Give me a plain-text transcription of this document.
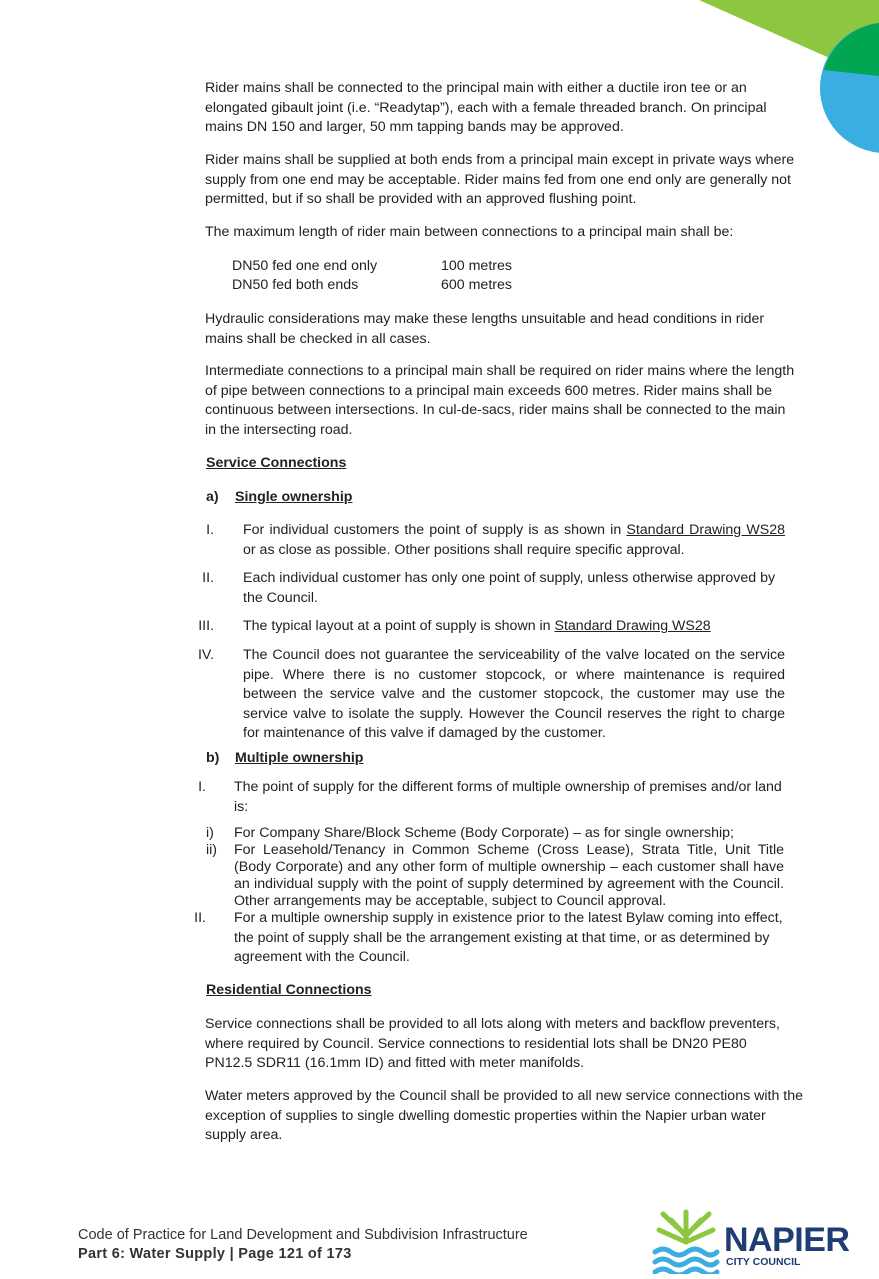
Rider mains shall be connected to the principal main with either a ductile iron tee or an elongated gibault joint (i.e. “Readytap”), each with a female threaded branch. On principal mains DN 150 and larger, 50 mm tapping bands may be approved.

Rider mains shall be supplied at both ends from a principal main except in private ways where supply from one end may be acceptable. Rider mains fed from one end only are generally not permitted, but if so shall be provided with an approved flushing point.

The maximum length of rider main between connections to a principal main shall be:

DN50 fed one end only	100 metres
DN50 fed both ends	600 metres

Hydraulic considerations may make these lengths unsuitable and head conditions in rider mains shall be checked in all cases.

Intermediate connections to a principal main shall be required on rider mains where the length of pipe between connections to a principal main exceeds 600 metres. Rider mains shall be continuous between intersections. In cul-de-sacs, rider mains shall be connected to the main in the intersecting road.

Service Connections
a) Single ownership
I. For individual customers the point of supply is as shown in Standard Drawing WS28 or as close as possible. Other positions shall require specific approval.

II. Each individual customer has only one point of supply, unless otherwise approved by the Council.

III. The typical layout at a point of supply is shown in Standard Drawing WS28

IV. The Council does not guarantee the serviceability of the valve located on the service pipe. Where there is no customer stopcock, or where maintenance is required between the service valve and the customer stopcock, the customer may use the service valve to isolate the supply. However the Council reserves the right to charge for maintenance of this valve if damaged by the customer.

b) Multiple ownership
I. The point of supply for the different forms of multiple ownership of premises and/or land is:

i) For Company Share/Block Scheme (Body Corporate) – as for single ownership;

ii) For Leasehold/Tenancy in Common Scheme (Cross Lease), Strata Title, Unit Title (Body Corporate) and any other form of multiple ownership – each customer shall have an individual supply with the point of supply determined by agreement with the Council. Other arrangements may be acceptable, subject to Council approval.

II. For a multiple ownership supply in existence prior to the latest Bylaw coming into effect, the point of supply shall be the arrangement existing at that time, or as determined by agreement with the Council.

Residential Connections

Service connections shall be provided to all lots along with meters and backflow preventers, where required by Council. Service connections to residential lots shall be DN20 PE80 PN12.5 SDR11 (16.1mm ID) and fitted with meter manifolds.

Water meters approved by the Council shall be provided to all new service connections with the exception of supplies to single dwelling domestic properties within the Napier urban water supply area.

Code of Practice for Land Development and Subdivision Infrastructure
Part 6: Water Supply | Page 121 of 173	NAPIER
CITY COUNCIL
